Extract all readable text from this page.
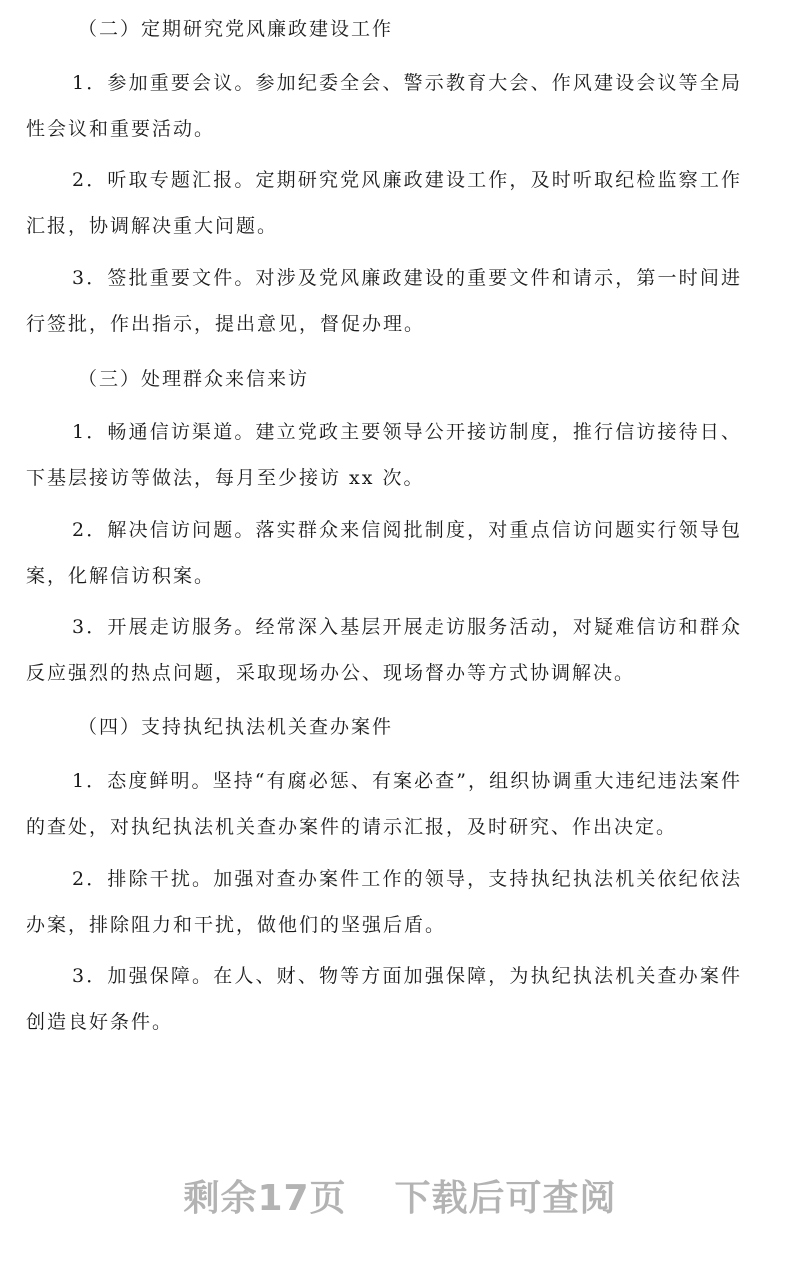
（二）定期研究党风廉政建设工作

1．参加重要会议。参加纪委全会、警示教育大会、作风建设会议等全局性会议和重要活动。

2．听取专题汇报。定期研究党风廉政建设工作，及时听取纪检监察工作汇报，协调解决重大问题。

3．签批重要文件。对涉及党风廉政建设的重要文件和请示，第一时间进行签批，作出指示，提出意见，督促办理。

（三）处理群众来信来访

1．畅通信访渠道。建立党政主要领导公开接访制度，推行信访接待日、下基层接访等做法，每月至少接访 xx 次。

2．解决信访问题。落实群众来信阅批制度，对重点信访问题实行领导包案，化解信访积案。

3．开展走访服务。经常深入基层开展走访服务活动，对疑难信访和群众反应强烈的热点问题，采取现场办公、现场督办等方式协调解决。

（四）支持执纪执法机关查办案件

1．态度鲜明。坚持“有腐必惩、有案必查”，组织协调重大违纪违法案件的查处，对执纪执法机关查办案件的请示汇报，及时研究、作出决定。

2．排除干扰。加强对查办案件工作的领导，支持执纪执法机关依纪依法办案，排除阻力和干扰，做他们的坚强后盾。

3．加强保障。在人、财、物等方面加强保障，为执纪执法机关查办案件创造良好条件。

剩余17页 下载后可查阅
